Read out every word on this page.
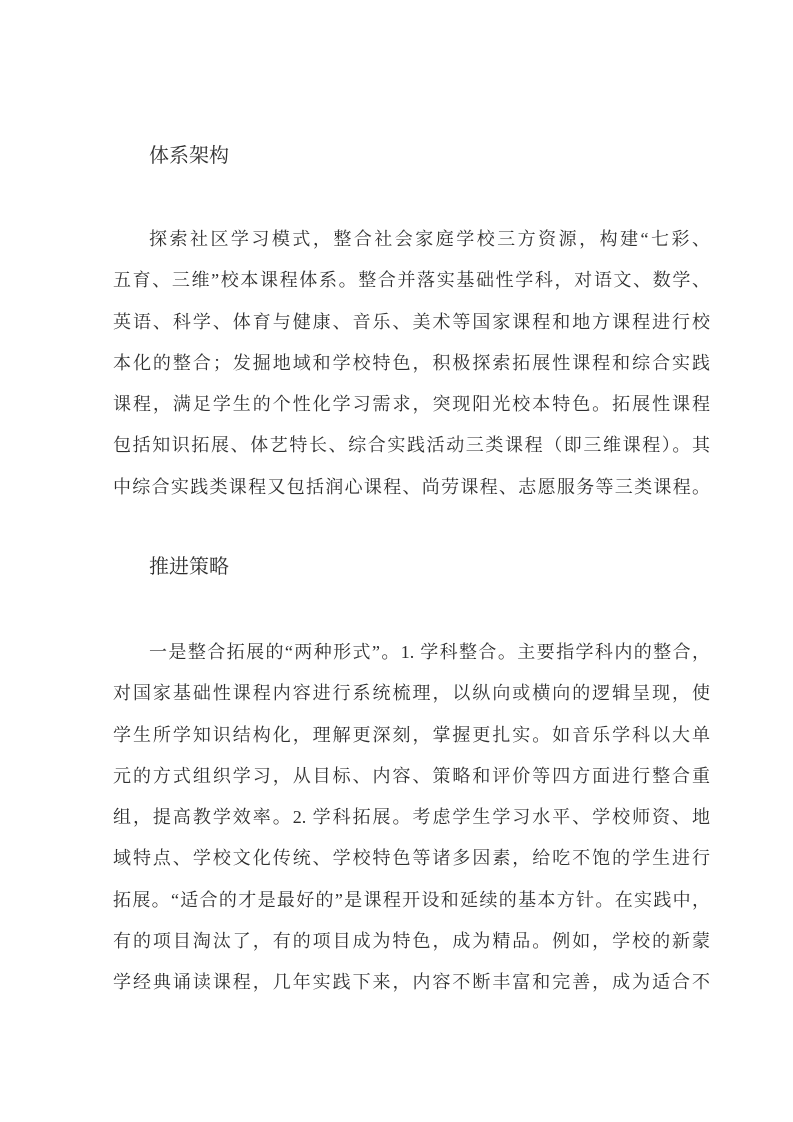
体系架构
探索社区学习模式，整合社会家庭学校三方资源，构建“七彩、
五育、三维”校本课程体系。整合并落实基础性学科，对语文、数学、
英语、科学、体育与健康、音乐、美术等国家课程和地方课程进行校
本化的整合；发掘地域和学校特色，积极探索拓展性课程和综合实践
课程，满足学生的个性化学习需求，突现阳光校本特色。拓展性课程
包括知识拓展、体艺特长、综合实践活动三类课程（即三维课程）。其
中综合实践类课程又包括润心课程、尚劳课程、志愿服务等三类课程。
推进策略
一是整合拓展的“两种形式”。1. 学科整合。主要指学科内的整合，
对国家基础性课程内容进行系统梳理，以纵向或横向的逻辑呈现，使
学生所学知识结构化，理解更深刻，掌握更扎实。如音乐学科以大单
元的方式组织学习，从目标、内容、策略和评价等四方面进行整合重
组，提高教学效率。2. 学科拓展。考虑学生学习水平、学校师资、地
域特点、学校文化传统、学校特色等诸多因素，给吃不饱的学生进行
拓展。“适合的才是最好的”是课程开设和延续的基本方针。在实践中，
有的项目淘汰了，有的项目成为特色，成为精品。例如，学校的新蒙
学经典诵读课程，几年实践下来，内容不断丰富和完善，成为适合不
